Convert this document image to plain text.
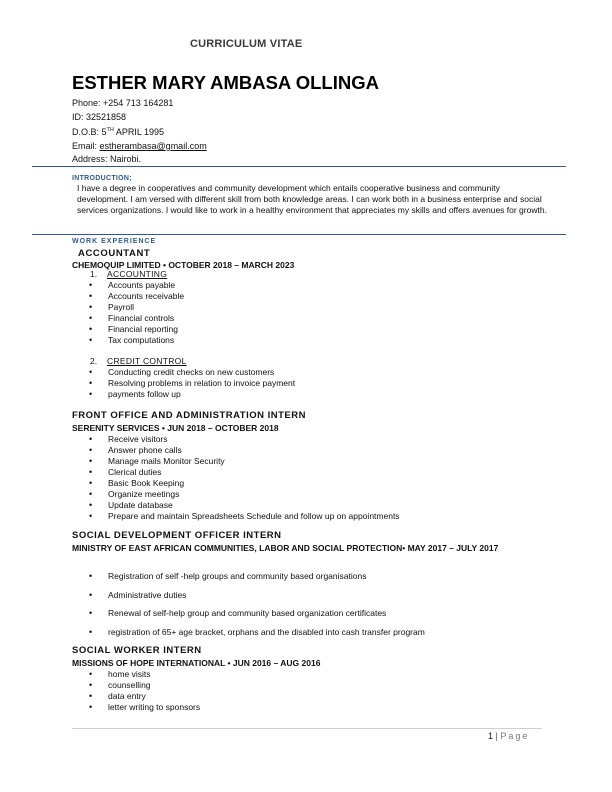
CURRICULUM VITAE
ESTHER MARY AMBASA OLLINGA
Phone: +254 713 164281
ID: 32521858
D.O.B: 5TH APRIL 1995
Email: estherambasa@gmail.com
Address: Nairobi.
INTRODUCTION;
I have a degree in cooperatives and community development which entails cooperative business and community development. I am versed with different skill from both knowledge areas. I can work both in a business enterprise and social services organizations. I would like to work in a healthy environment that appreciates my skills and offers avenues for growth.
WORK EXPERIENCE
ACCOUNTANT
CHEMOQUIP LIMITED • OCTOBER 2018 – MARCH 2023
1. ACCOUNTING
• Accounts payable
• Accounts receivable
• Payroll
• Financial controls
• Financial reporting
• Tax computations
2. CREDIT CONTROL
• Conducting credit checks on new customers
• Resolving problems in relation to invoice payment
• payments follow up
FRONT OFFICE AND ADMINISTRATION INTERN
SERENITY SERVICES • JUN 2018 – OCTOBER 2018
• Receive visitors
• Answer phone calls
• Manage mails Monitor Security
• Clerical duties
• Basic Book Keeping
• Organize meetings
• Update database
• Prepare and maintain Spreadsheets Schedule and follow up on appointments
SOCIAL DEVELOPMENT OFFICER INTERN
MINISTRY OF EAST AFRICAN COMMUNITIES, LABOR AND SOCIAL PROTECTION• MAY 2017 – JULY 2017
• Registration of self -help groups and community based organisations
• Administrative duties
• Renewal of self-help group and community based organization certificates
• registration of 65+ age bracket, orphans and the disabled into cash transfer program
SOCIAL WORKER INTERN
MISSIONS OF HOPE INTERNATIONAL • JUN 2016 – AUG 2016
• home visits
• counselling
• data entry
• letter writing to sponsors
1 | Page
